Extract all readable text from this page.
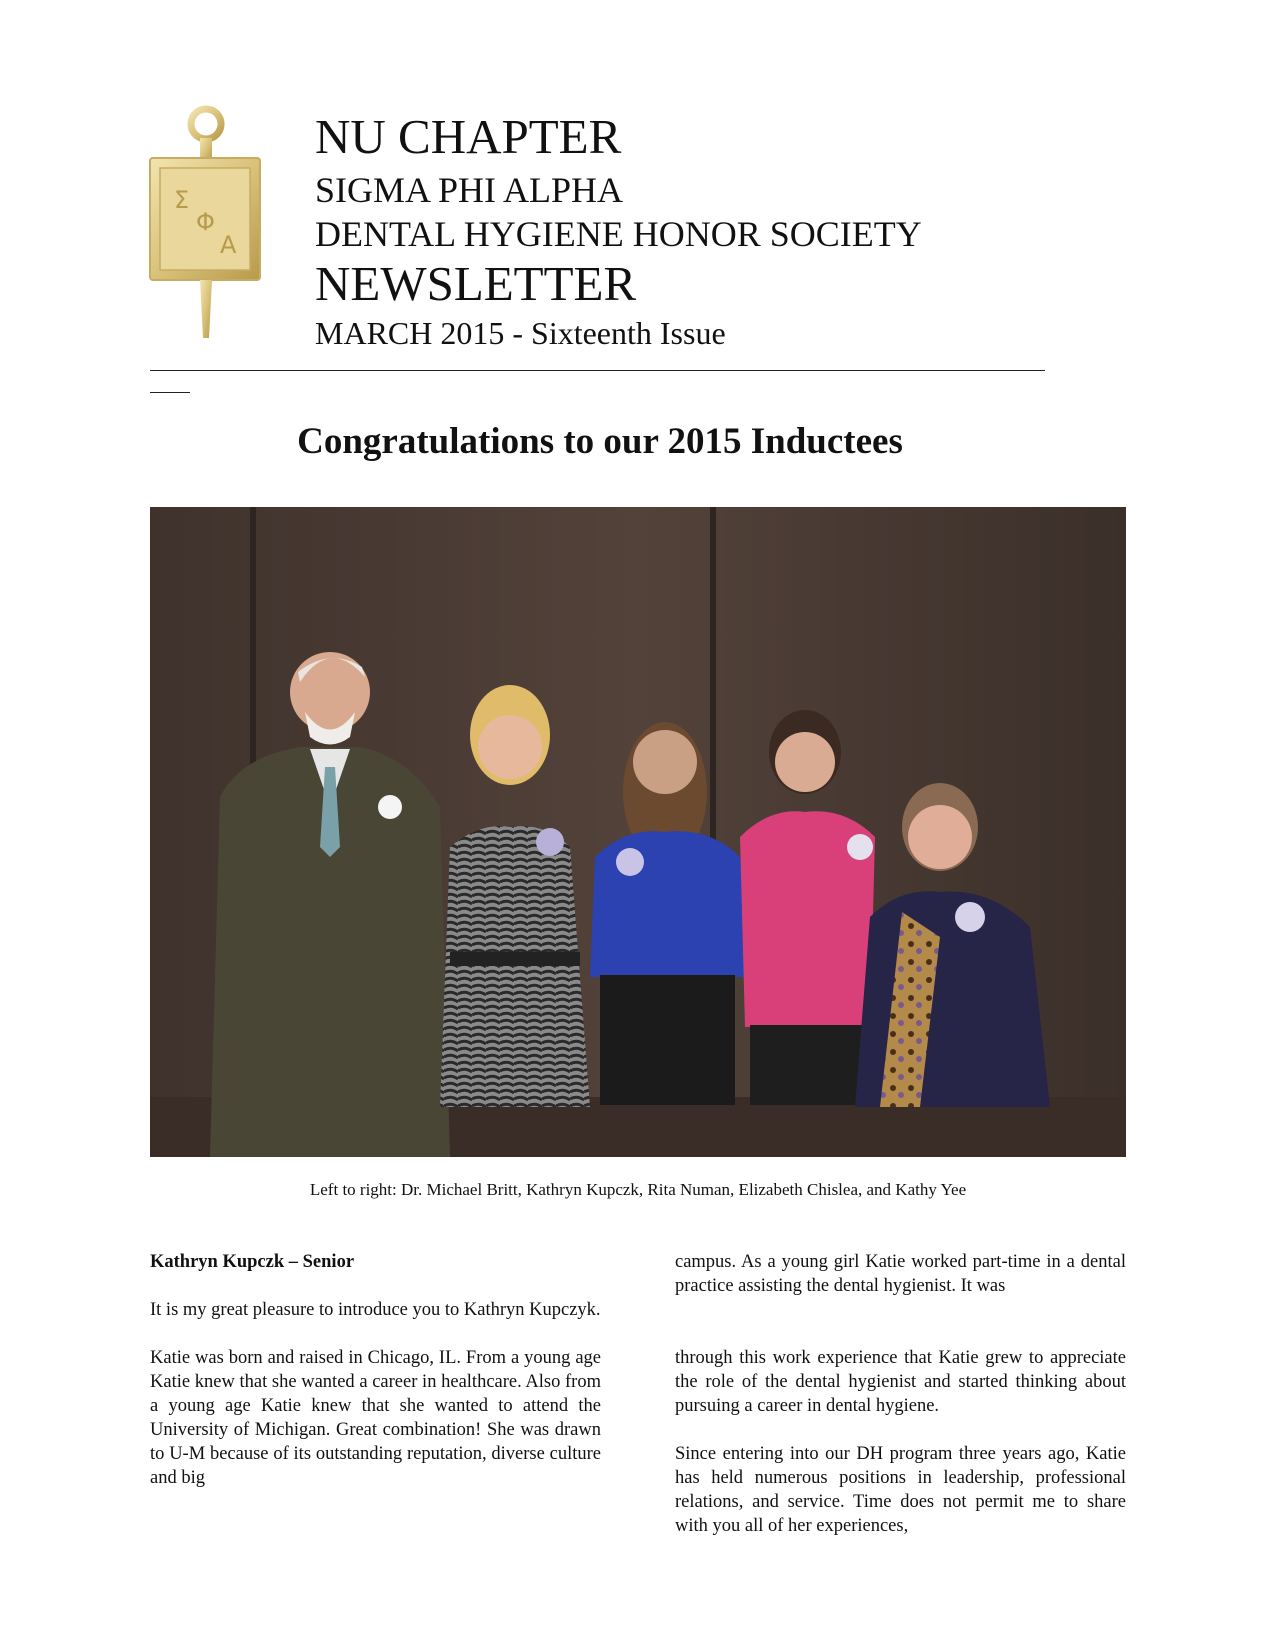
Σ
Φ
Α
NU CHAPTER
SIGMA PHI ALPHA
DENTAL HYGIENE HONOR SOCIETY
NEWSLETTER
MARCH 2015 - Sixteenth Issue
Congratulations to our 2015 Inductees
Left to right: Dr. Michael Britt, Kathryn Kupczk, Rita Numan, Elizabeth Chislea, and Kathy Yee
Kathryn Kupczk – Senior

It is my great pleasure to introduce you to Kathryn Kupczyk.

Katie was born and raised in Chicago, IL. From a young age Katie knew that she wanted a career in healthcare. Also from a young age Katie knew that she wanted to attend the University of Michigan. Great combination! She was drawn to U-M because of its outstanding reputation, diverse culture and big

campus. As a young girl Katie worked part-time in a dental practice assisting the dental hygienist. It was

through this work experience that Katie grew to appreciate the role of the dental hygienist and started thinking about pursuing a career in dental hygiene.

Since entering into our DH program three years ago, Katie has held numerous positions in leadership, professional relations, and service. Time does not permit me to share with you all of her experiences,
